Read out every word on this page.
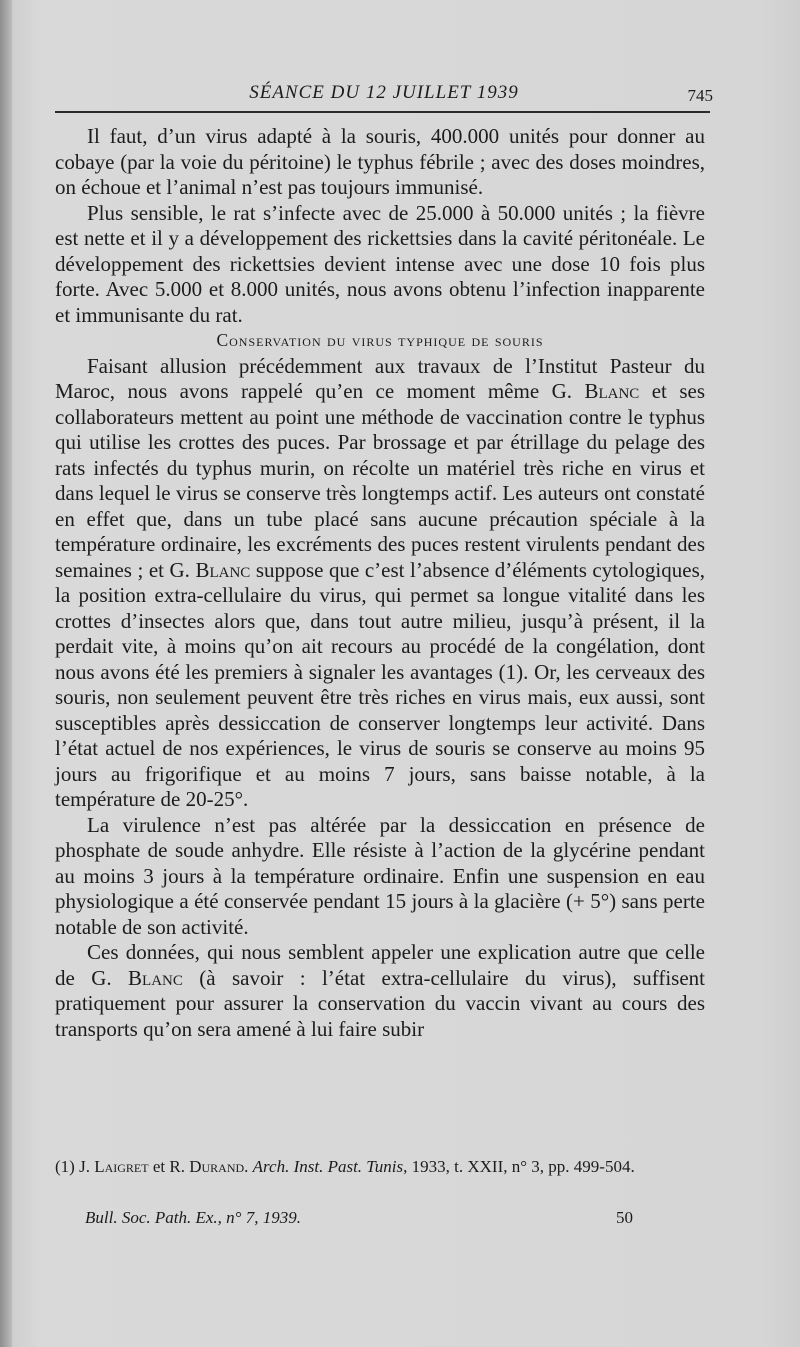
SÉANCE DU 12 JUILLET 1939	745

Il faut, d’un virus adapté à la souris, 400.000 unités pour donner au cobaye (par la voie du péritoine) le typhus fébrile ; avec des doses moindres, on échoue et l’animal n’est pas toujours immunisé.

Plus sensible, le rat s’infecte avec de 25.000 à 50.000 unités ; la fièvre est nette et il y a développement des rickettsies dans la cavité péritonéale. Le développement des rickettsies devient intense avec une dose 10 fois plus forte. Avec 5.000 et 8.000 unités, nous avons obtenu l’infection inapparente et immunisante du rat.

Conservation du virus typhique de souris

Faisant allusion précédemment aux travaux de l’Institut Pasteur du Maroc, nous avons rappelé qu’en ce moment même G. Blanc et ses collaborateurs mettent au point une méthode de vaccination contre le typhus qui utilise les crottes des puces. Par brossage et par étrillage du pelage des rats infectés du typhus murin, on récolte un matériel très riche en virus et dans lequel le virus se conserve très longtemps actif. Les auteurs ont constaté en effet que, dans un tube placé sans aucune précaution spéciale à la température ordinaire, les excréments des puces restent virulents pendant des semaines ; et G. Blanc suppose que c’est l’absence d’éléments cytologiques, la position extra-cellulaire du virus, qui permet sa longue vitalité dans les crottes d’insectes alors que, dans tout autre milieu, jusqu’à présent, il la perdait vite, à moins qu’on ait recours au procédé de la congélation, dont nous avons été les premiers à signaler les avantages (1). Or, les cerveaux des souris, non seulement peuvent être très riches en virus mais, eux aussi, sont susceptibles après dessiccation de conserver longtemps leur activité. Dans l’état actuel de nos expériences, le virus de souris se conserve au moins 95 jours au frigorifique et au moins 7 jours, sans baisse notable, à la température de 20-25°.

La virulence n’est pas altérée par la dessiccation en présence de phosphate de soude anhydre. Elle résiste à l’action de la glycérine pendant au moins 3 jours à la température ordinaire. Enfin une suspension en eau physiologique a été conservée pendant 15 jours à la glacière (+ 5°) sans perte notable de son activité.

Ces données, qui nous semblent appeler une explication autre que celle de G. Blanc (à savoir : l’état extra-cellulaire du virus), suffisent pratiquement pour assurer la conservation du vaccin vivant au cours des transports qu’on sera amené à lui faire subir

(1) J. Laigret et R. Durand. Arch. Inst. Past. Tunis, 1933, t. XXII, n° 3, pp. 499-504.

Bull. Soc. Path. Ex., n° 7, 1939.	50
